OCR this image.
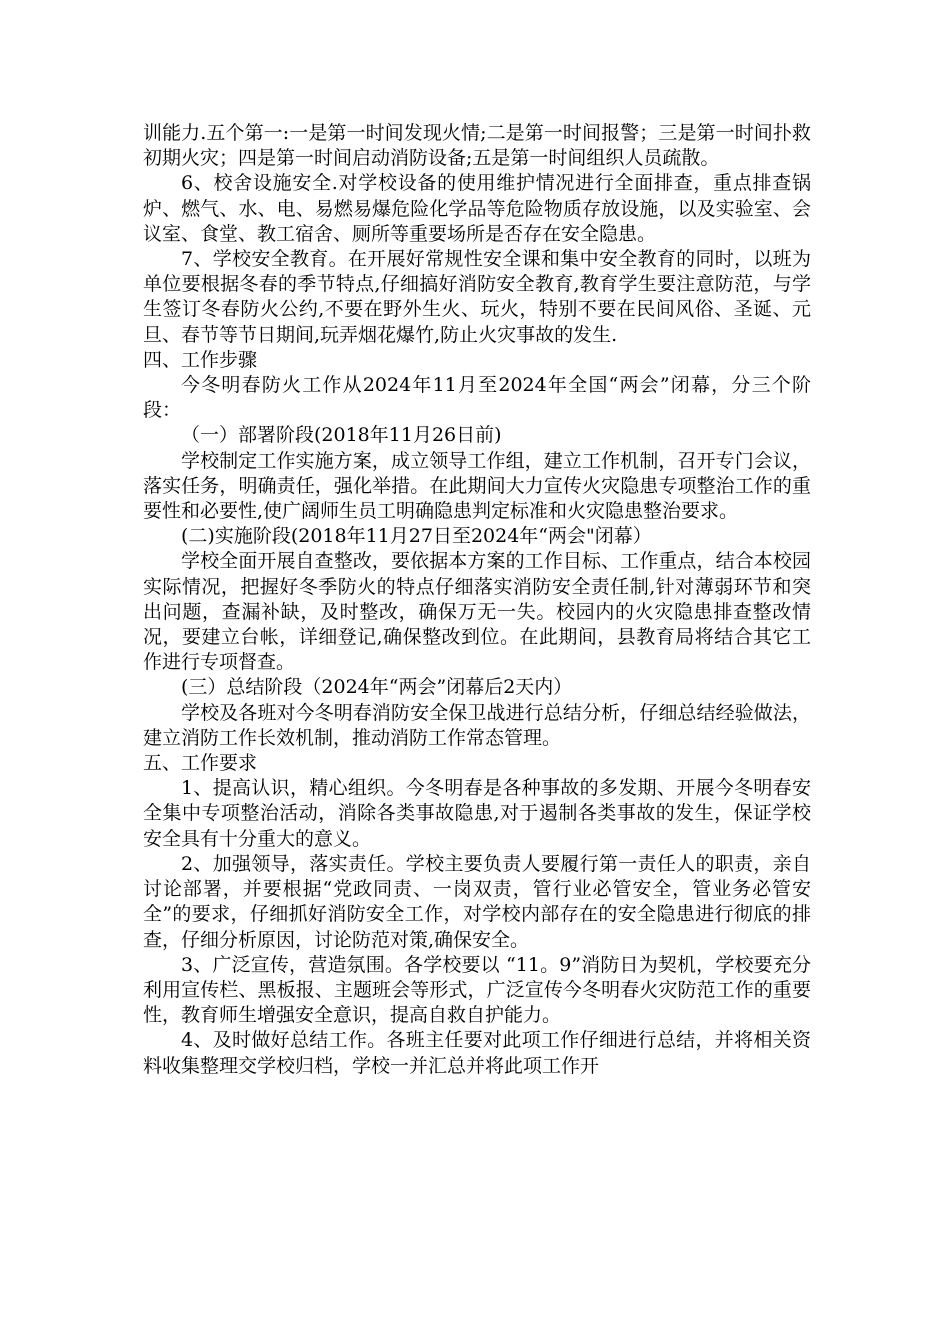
训能力.五个第一:一是第一时间发现火情;二是第一时间报警；三是第一时间扑救初期火灾；四是第一时间启动消防设备;五是第一时间组织人员疏散。

6、校舍设施安全.对学校设备的使用维护情况进行全面排查，重点排查锅炉、燃气、水、电、易燃易爆危险化学品等危险物质存放设施，以及实验室、会议室、食堂、教工宿舍、厕所等重要场所是否存在安全隐患。

7、学校安全教育。在开展好常规性安全课和集中安全教育的同时，以班为单位要根据冬春的季节特点,仔细搞好消防安全教育,教育学生要注意防范，与学生签订冬春防火公约,不要在野外生火、玩火，特别不要在民间风俗、圣诞、元旦、春节等节日期间,玩弄烟花爆竹,防止火灾事故的发生.

四、工作步骤

今冬明春防火工作从2024年11月至2024年全国“两会”闭幕，分三个阶段：

（一）部署阶段(2018年11月26日前)

学校制定工作实施方案，成立领导工作组，建立工作机制，召开专门会议，落实任务，明确责任，强化举措。在此期间大力宣传火灾隐患专项整治工作的重要性和必要性,使广阔师生员工明确隐患判定标准和火灾隐患整治要求。

(二)实施阶段(2018年11月27日至2024年“两会"闭幕）

学校全面开展自查整改，要依据本方案的工作目标、工作重点，结合本校园实际情况，把握好冬季防火的特点仔细落实消防安全责任制,针对薄弱环节和突出问题，查漏补缺，及时整改，确保万无一失。校园内的火灾隐患排查整改情况，要建立台帐，详细登记,确保整改到位。在此期间，县教育局将结合其它工作进行专项督查。

(三）总结阶段（2024年“两会”闭幕后2天内）

学校及各班对今冬明春消防安全保卫战进行总结分析，仔细总结经验做法，建立消防工作长效机制，推动消防工作常态管理。

五、工作要求

1、提高认识，精心组织。今冬明春是各种事故的多发期、开展今冬明春安全集中专项整治活动，消除各类事故隐患,对于遏制各类事故的发生，保证学校安全具有十分重大的意义。

2、加强领导，落实责任。学校主要负责人要履行第一责任人的职责，亲自讨论部署，并要根据“党政同责、一岗双责，管行业必管安全，管业务必管安全”的要求，仔细抓好消防安全工作，对学校内部存在的安全隐患进行彻底的排查，仔细分析原因，讨论防范对策,确保安全。

3、广泛宣传，营造氛围。各学校要以 “11。9”消防日为契机，学校要充分利用宣传栏、黑板报、主题班会等形式，广泛宣传今冬明春火灾防范工作的重要性，教育师生增强安全意识，提高自救自护能力。

4、及时做好总结工作。各班主任要对此项工作仔细进行总结，并将相关资料收集整理交学校归档，学校一并汇总并将此项工作开
